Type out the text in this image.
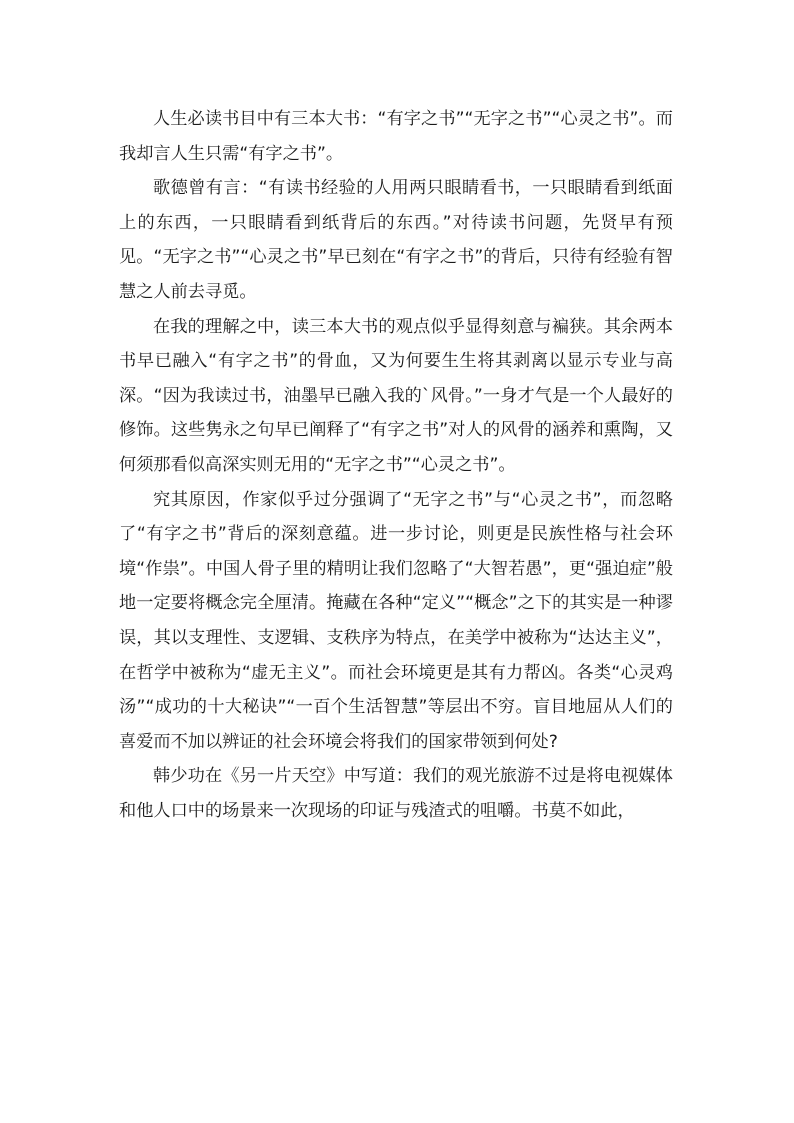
人生必读书目中有三本大书：“有字之书”“无字之书”“心灵之书”。而我却言人生只需“有字之书”。

歌德曾有言：“有读书经验的人用两只眼睛看书，一只眼睛看到纸面上的东西，一只眼睛看到纸背后的东西。”对待读书问题，先贤早有预见。“无字之书”“心灵之书”早已刻在“有字之书”的背后，只待有经验有智慧之人前去寻觅。

在我的理解之中，读三本大书的观点似乎显得刻意与褊狭。其余两本书早已融入“有字之书”的骨血，又为何要生生将其剥离以显示专业与高深。“因为我读过书，油墨早已融入我的`风骨。”一身才气是一个人最好的修饰。这些隽永之句早已阐释了“有字之书”对人的风骨的涵养和熏陶，又何须那看似高深实则无用的“无字之书”“心灵之书”。

究其原因，作家似乎过分强调了“无字之书”与“心灵之书”，而忽略了“有字之书”背后的深刻意蕴。进一步讨论，则更是民族性格与社会环境“作祟”。中国人骨子里的精明让我们忽略了“大智若愚”，更“强迫症”般地一定要将概念完全厘清。掩藏在各种“定义”“概念”之下的其实是一种谬误，其以支理性、支逻辑、支秩序为特点，在美学中被称为“达达主义”，在哲学中被称为“虚无主义”。而社会环境更是其有力帮凶。各类“心灵鸡汤”“成功的十大秘诀”“一百个生活智慧”等层出不穷。盲目地屈从人们的喜爱而不加以辨证的社会环境会将我们的国家带领到何处?

韩少功在《另一片天空》中写道：我们的观光旅游不过是将电视媒体和他人口中的场景来一次现场的印证与残渣式的咀嚼。书莫不如此，
